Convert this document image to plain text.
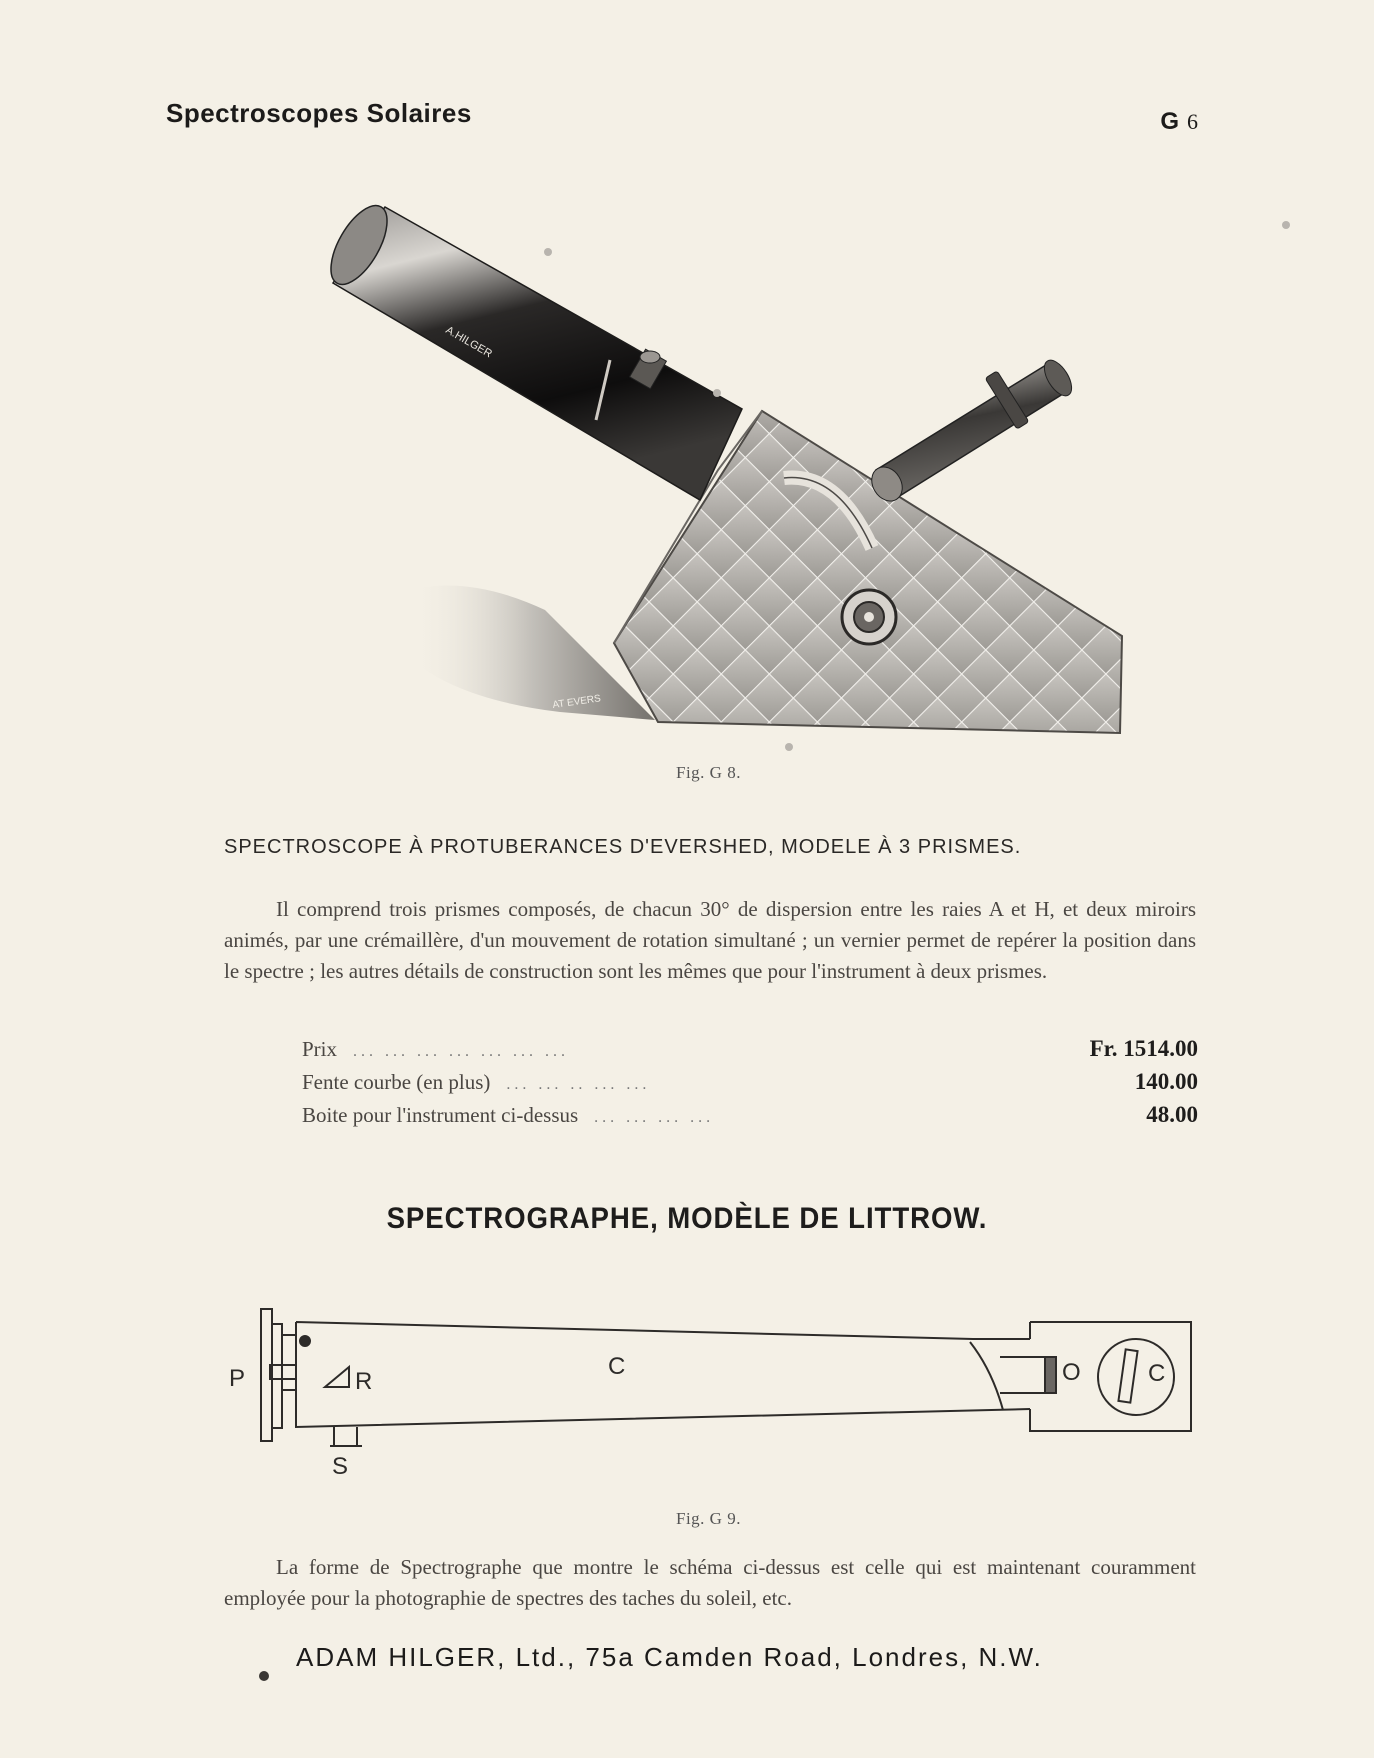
Spectroscopes Solaires	G 6
A.HILGER
AT EVERS
P	R
C	O	C
S
Fig. G 8.
SPECTROSCOPE À PROTUBERANCES D'EVERSHED, MODELE À 3 PRISMES.
Il comprend trois prismes composés, de chacun 30° de dispersion entre les raies A et H, et deux miroirs animés, par une crémaillère, d'un mouvement de rotation simultané ; un vernier permet de repérer la position dans le spectre ; les autres détails de construction sont les mêmes que pour l'instrument à deux prismes.
Prix ... ... ... ... ... ... ...	Fr. 1514.00
Fente courbe (en plus) ... ... .. ... ...	140.00
Boite pour l'instrument ci-dessus ... ... ... ...	48.00
SPECTROGRAPHE, MODÈLE DE LITTROW.
Fig. G 9.
La forme de Spectrographe que montre le schéma ci-dessus est celle qui est maintenant couramment employée pour la photographie de spectres des taches du soleil, etc.
ADAM HILGER, Ltd., 75a Camden Road, Londres, N.W.
